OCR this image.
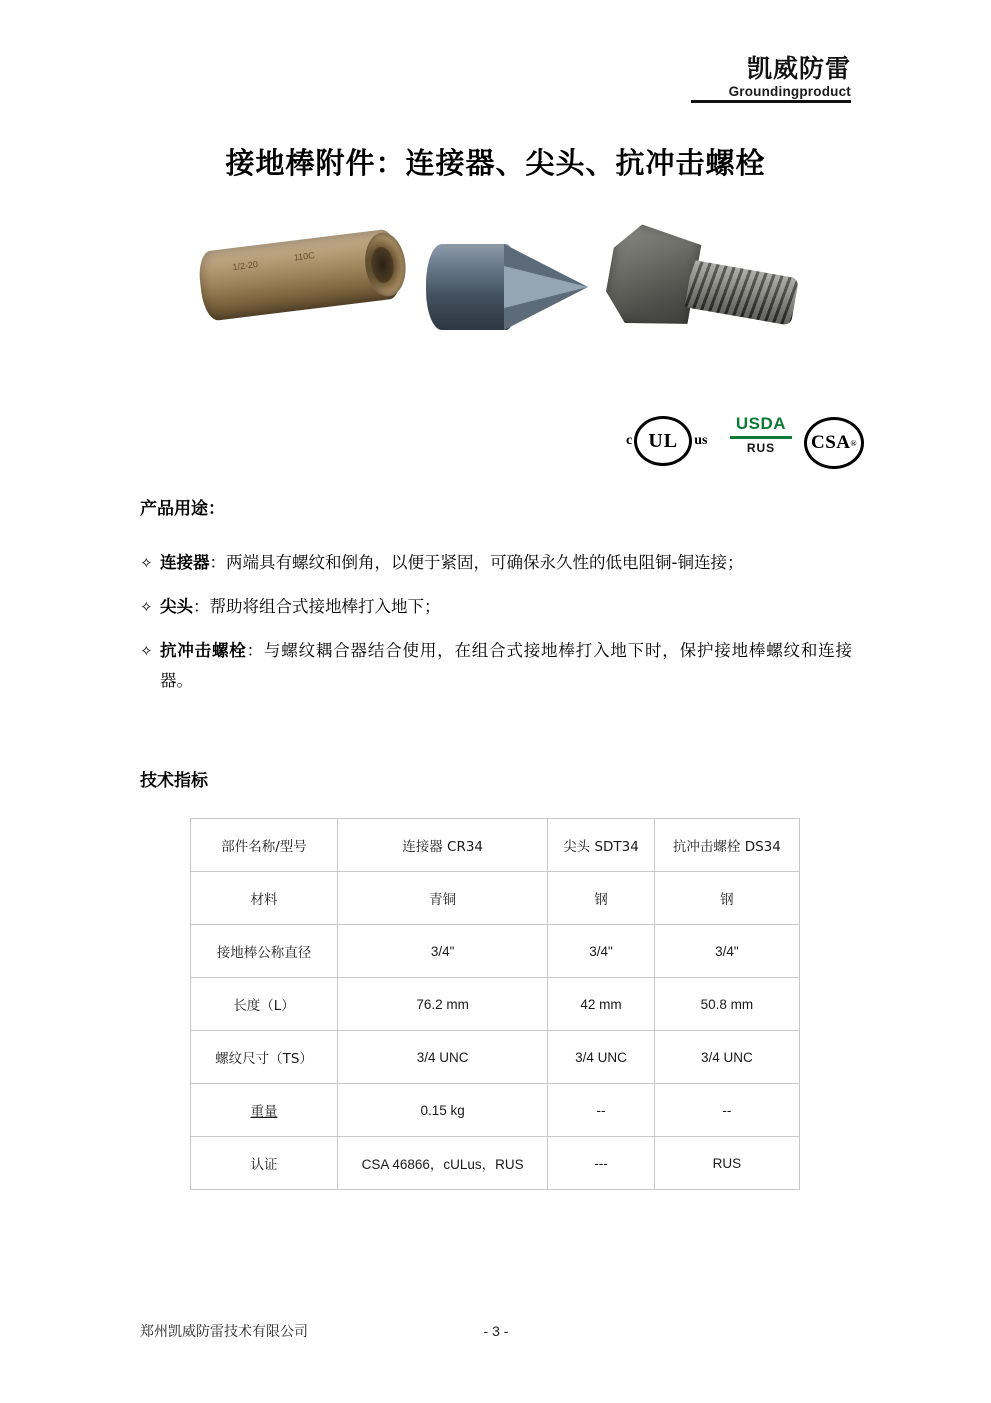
凯威防雷
Groundingproduct
接地棒附件：连接器、尖头、抗冲击螺栓
1/2-20
110C
c UL	us
USDA
RUS	CSA ®
产品用途：
✧ 连接器：两端具有螺纹和倒角，以便于紧固，可确保永久性的低电阻铜-铜连接；
✧ 尖头：帮助将组合式接地棒打入地下；
✧ 抗冲击螺栓：与螺纹耦合器结合使用，在组合式接地棒打入地下时，保护接地棒螺纹和连接器。
技术指标
部件名称/型号	连接器 CR34	尖头 SDT34	抗冲击螺栓 DS34
材料	青铜	钢	钢
接地棒公称直径	3/4"	3/4"	3/4"
长度（L）	76.2 mm	42 mm	50.8 mm
螺纹尺寸（TS）	3/4 UNC	3/4 UNC	3/4 UNC
重量	0.15 kg	--	--
认证	CSA 46866，cULus，RUS	---	RUS
郑州凯威防雷技术有限公司	- 3 -
